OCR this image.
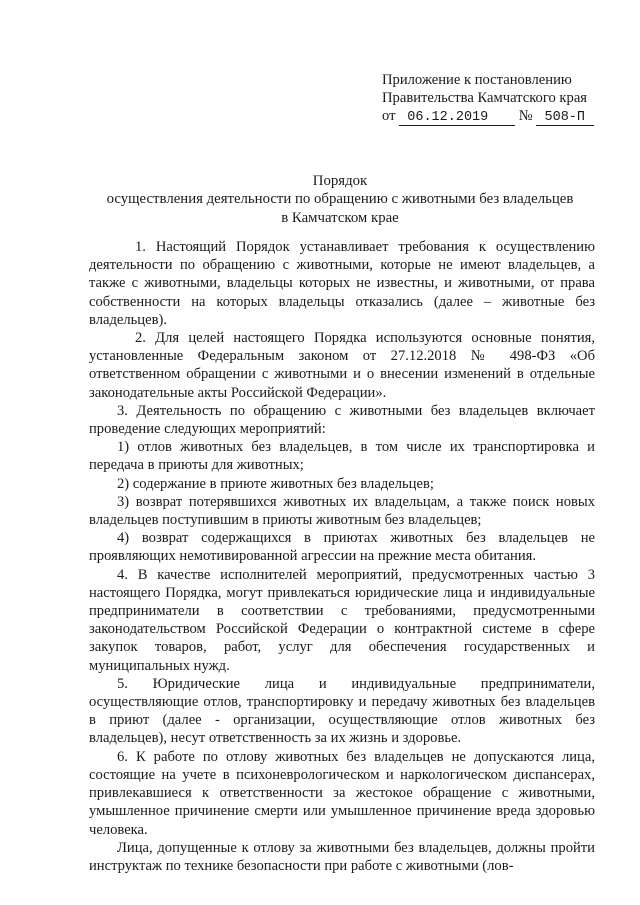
Приложение к постановлению
Правительства Камчатского края
от 06.12.2019 № 508-П
Порядок
осуществления деятельности по обращению с животными без владельцев
в Камчатском крае

1. Настоящий Порядок устанавливает требования к осуществлению деятельности по обращению с животными, которые не имеют владельцев, а также с животными, владельцы которых не известны, и животными, от права собственности на которых владельцы отказались (далее – животные без владельцев).

2. Для целей настоящего Порядка используются основные понятия, установленные Федеральным законом от 27.12.2018 № 498-ФЗ «Об ответственном обращении с животными и о внесении изменений в отдельные законодательные акты Российской Федерации».

3. Деятельность по обращению с животными без владельцев включает проведение следующих мероприятий:

1) отлов животных без владельцев, в том числе их транспортировка и передача в приюты для животных;

2) содержание в приюте животных без владельцев;

3) возврат потерявшихся животных их владельцам, а также поиск новых владельцев поступившим в приюты животным без владельцев;

4) возврат содержащихся в приютах животных без владельцев не проявляющих немотивированной агрессии на прежние места обитания.

4. В качестве исполнителей мероприятий, предусмотренных частью 3 настоящего Порядка, могут привлекаться юридические лица и индивидуальные предприниматели в соответствии с требованиями, предусмотренными законодательством Российской Федерации о контрактной системе в сфере закупок товаров, работ, услуг для обеспечения государственных и муниципальных нужд.

5. Юридические лица и индивидуальные предприниматели, осуществляющие отлов, транспортировку и передачу животных без владельцев в приют (далее - организации, осуществляющие отлов животных без владельцев), несут ответственность за их жизнь и здоровье.

6. К работе по отлову животных без владельцев не допускаются лица, состоящие на учете в психоневрологическом и наркологическом диспансерах, привлекавшиеся к ответственности за жестокое обращение с животными, умышленное причинение смерти или умышленное причинение вреда здоровью человека.

Лица, допущенные к отлову за животными без владельцев, должны пройти инструктаж по технике безопасности при работе с животными (лов-
